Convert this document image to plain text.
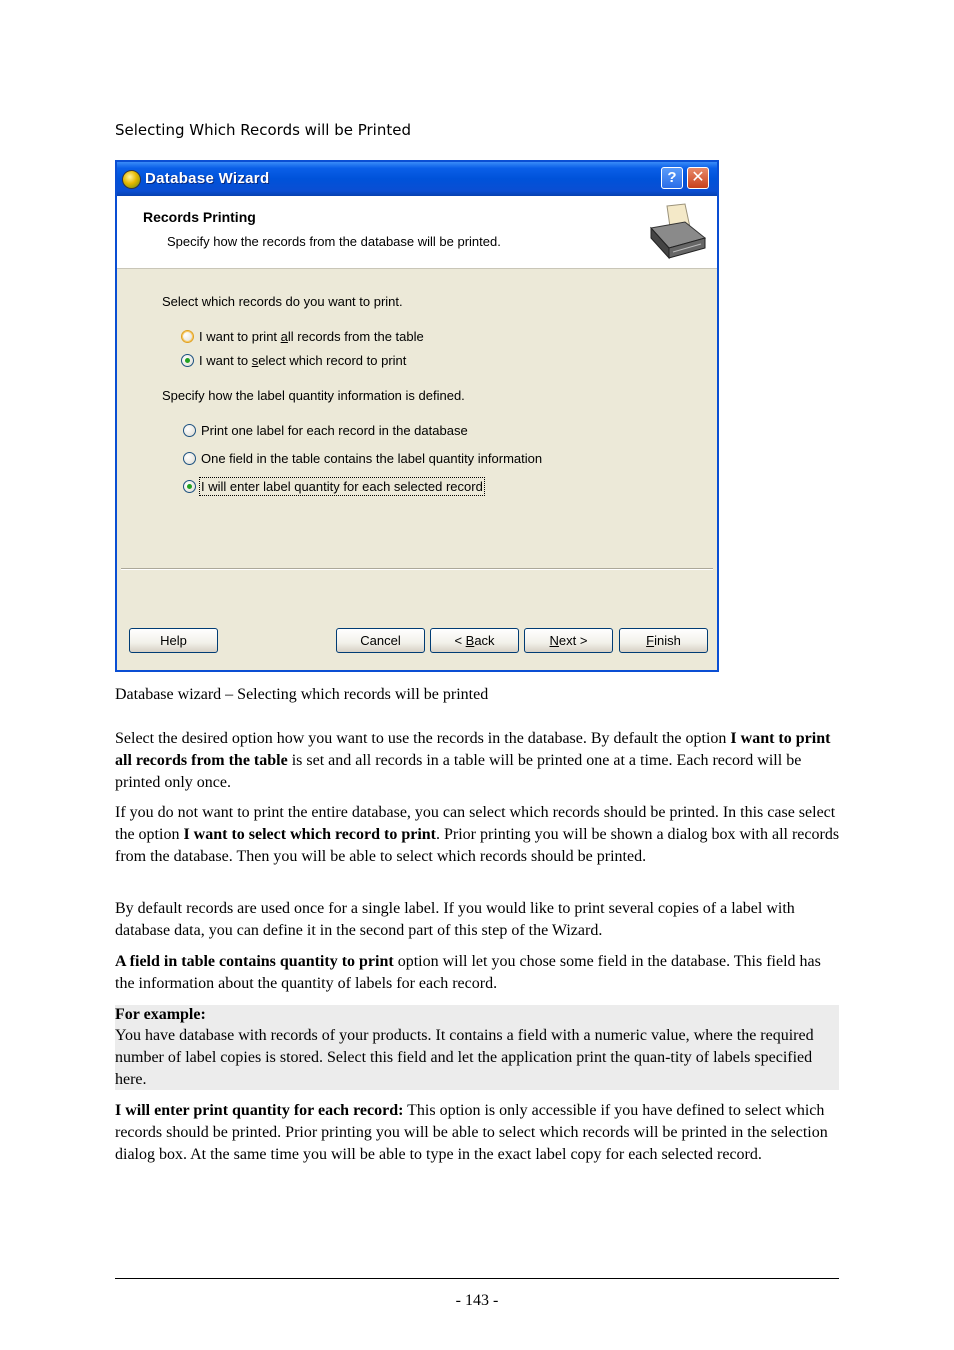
Selecting Which Records will be Printed
Database Wizard	? ✕
Records Printing
Specify how the records from the database will be printed.
Select which records do you want to print.
I want to print all records from the table
I want to select which record to print
Specify how the label quantity information is defined.
Print one label for each record in the database
One field in the table contains the label quantity information
I will enter label quantity for each selected record
Help	Cancel	< Back	Next >	Finish
Database wizard – Selecting which records will be printed
Select the desired option how you want to use the records in the database. By default the option I want to print all records from the table is set and all records in a table will be printed one at a time. Each record will be printed only once.
If you do not want to print the entire database, you can select which records should be printed. In this case select the option I want to select which record to print. Prior printing you will be shown a dialog box with all records from the database. Then you will be able to select which records should be printed.
By default records are used once for a single label. If you would like to print several copies of a label with database data, you can define it in the second part of this step of the Wizard.
A field in table contains quantity to print option will let you chose some field in the database. This field has the information about the quantity of labels for each record.
For example:
You have database with records of your products. It contains a field with a numeric value, where the required number of label copies is stored. Select this field and let the application print the quan-tity of labels specified here.
I will enter print quantity for each record: This option is only accessible if you have defined to select which records should be printed. Prior printing you will be able to select which records will be printed in the selection dialog box. At the same time you will be able to type in the exact label copy for each selected record.
- 143 -
